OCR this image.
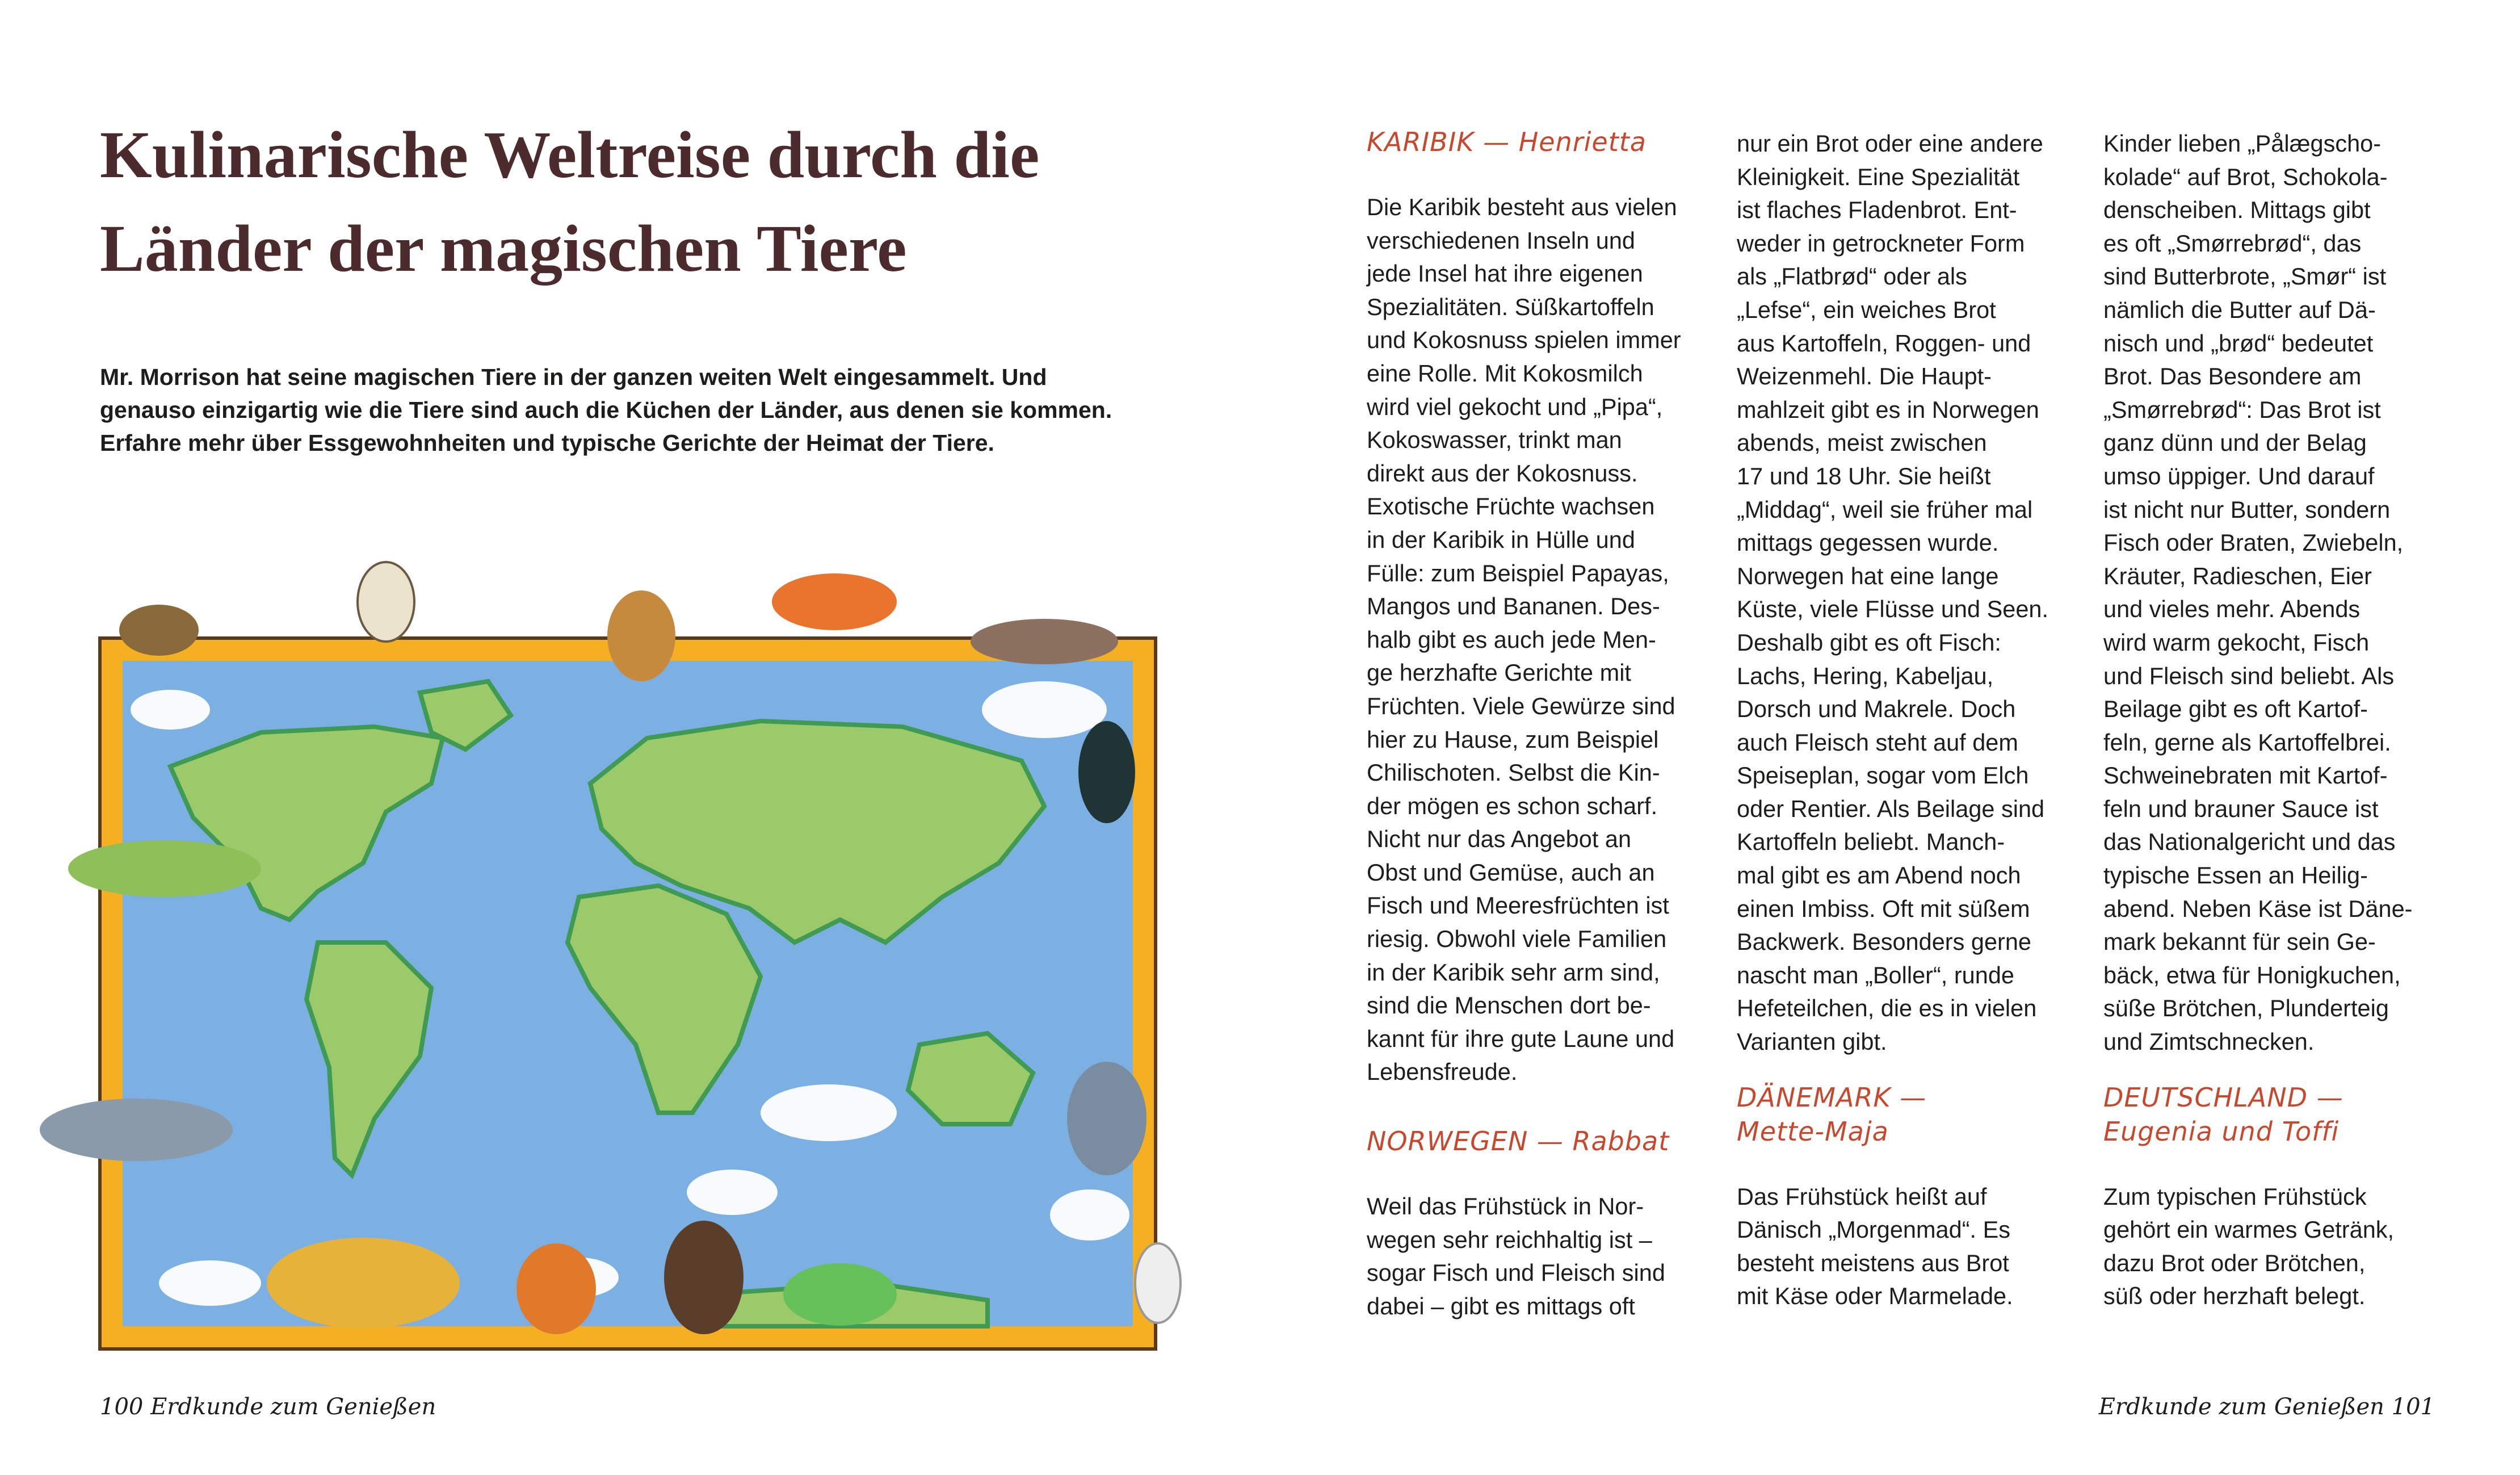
Kulinarische Weltreise durch die
Länder der magischen Tiere
Mr. Morrison hat seine magischen Tiere in der ganzen weiten Welt eingesammelt. Und
genauso einzigartig wie die Tiere sind auch die Küchen der Länder, aus denen sie kommen.
Erfahre mehr über Essgewohnheiten und typische Gerichte der Heimat der Tiere.
100 Erdkunde zum Genießen

KARIBIK — Henrietta

Die Karibik besteht aus vielen
verschiedenen Inseln und
jede Insel hat ihre eigenen
Spezialitäten. Süßkartoffeln
und Kokosnuss spielen immer
eine Rolle. Mit Kokosmilch
wird viel gekocht und „Pipa“,
Kokoswasser, trinkt man
direkt aus der Kokosnuss.
Exotische Früchte wachsen
in der Karibik in Hülle und
Fülle: zum Beispiel Papayas,
Mangos und Bananen. Des-
halb gibt es auch jede Men-
ge herzhafte Gerichte mit
Früchten. Viele Gewürze sind
hier zu Hause, zum Beispiel
Chilischoten. Selbst die Kin-
der mögen es schon scharf.
Nicht nur das Angebot an
Obst und Gemüse, auch an
Fisch und Meeresfrüchten ist
riesig. Obwohl viele Familien
in der Karibik sehr arm sind,
sind die Menschen dort be-
kannt für ihre gute Laune und
Lebensfreude.

NORWEGEN — Rabbat

Weil das Frühstück in Nor-
wegen sehr reichhaltig ist –
sogar Fisch und Fleisch sind
dabei – gibt es mittags oft

nur ein Brot oder eine andere
Kleinigkeit. Eine Spezialität
ist flaches Fladenbrot. Ent-
weder in getrockneter Form
als „Flatbrød“ oder als
„Lefse“, ein weiches Brot
aus Kartoffeln, Roggen- und
Weizenmehl. Die Haupt-
mahlzeit gibt es in Norwegen
abends, meist zwischen
17 und 18 Uhr. Sie heißt
„Middag“, weil sie früher mal
mittags gegessen wurde.
Norwegen hat eine lange
Küste, viele Flüsse und Seen.
Deshalb gibt es oft Fisch:
Lachs, Hering, Kabeljau,
Dorsch und Makrele. Doch
auch Fleisch steht auf dem
Speiseplan, sogar vom Elch
oder Rentier. Als Beilage sind
Kartoffeln beliebt. Manch-
mal gibt es am Abend noch
einen Imbiss. Oft mit süßem
Backwerk. Besonders gerne
nascht man „Boller“, runde
Hefeteilchen, die es in vielen
Varianten gibt.

DÄNEMARK —
Mette-Maja

Das Frühstück heißt auf
Dänisch „Morgenmad“. Es
besteht meistens aus Brot
mit Käse oder Marmelade.

Kinder lieben „Pålægscho-
kolade“ auf Brot, Schokola-
denscheiben. Mittags gibt
es oft „Smørrebrød“, das
sind Butterbrote, „Smør“ ist
nämlich die Butter auf Dä-
nisch und „brød“ bedeutet
Brot. Das Besondere am
„Smørrebrød“: Das Brot ist
ganz dünn und der Belag
umso üppiger. Und darauf
ist nicht nur Butter, sondern
Fisch oder Braten, Zwiebeln,
Kräuter, Radieschen, Eier
und vieles mehr. Abends
wird warm gekocht, Fisch
und Fleisch sind beliebt. Als
Beilage gibt es oft Kartof-
feln, gerne als Kartoffelbrei.
Schweinebraten mit Kartof-
feln und brauner Sauce ist
das Nationalgericht und das
typische Essen an Heilig-
abend. Neben Käse ist Däne-
mark bekannt für sein Ge-
bäck, etwa für Honigkuchen,
süße Brötchen, Plunderteig
und Zimtschnecken.

DEUTSCHLAND —
Eugenia und Toffi

Zum typischen Frühstück
gehört ein warmes Getränk,
dazu Brot oder Brötchen,
süß oder herzhaft belegt.

Erdkunde zum Genießen 101
